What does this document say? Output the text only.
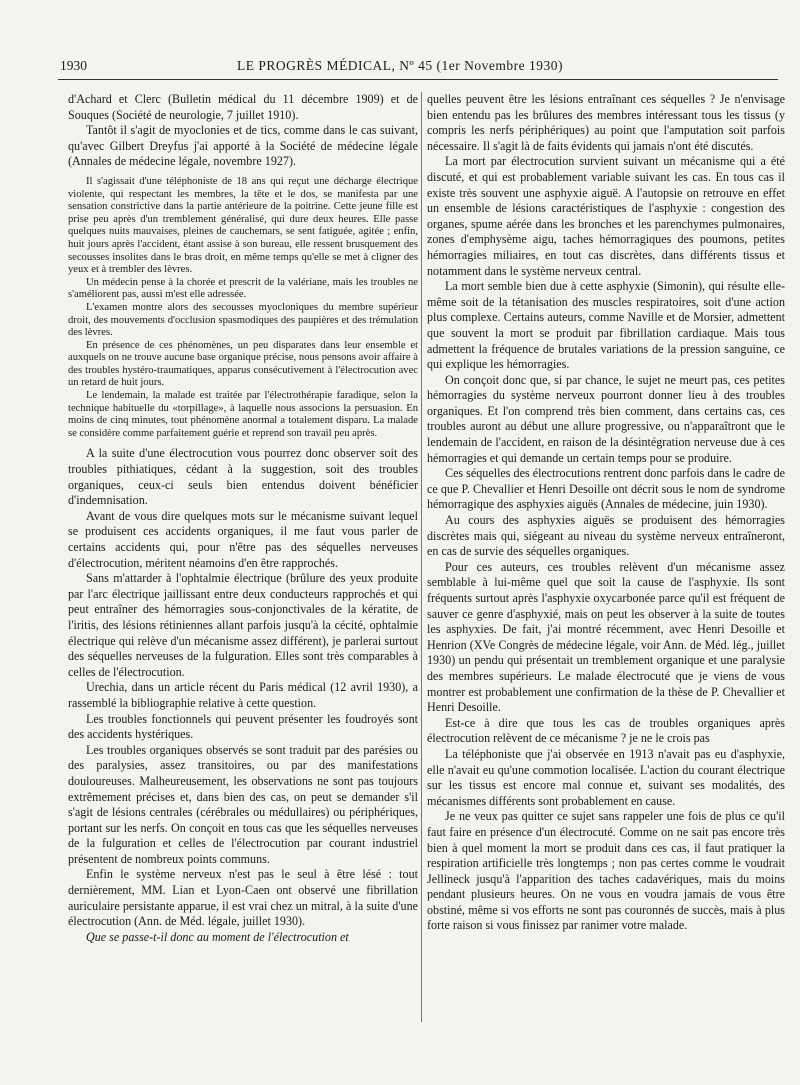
1930	LE PROGRÈS MÉDICAL, Nº 45 (1er Novembre 1930)

d'Achard et Clerc (Bulletin médical du 11 décembre 1909) et de Souques (Société de neurologie, 7 juillet 1910).

Tantôt il s'agit de myoclonies et de tics, comme dans le cas suivant, qu'avec Gilbert Dreyfus j'ai apporté à la Société de médecine légale (Annales de médecine légale, novembre 1927).

Il s'agissait d'une téléphoniste de 18 ans qui reçut une décharge électrique violente, qui respectant les membres, la tête et le dos, se manifesta par une sensation constrictive dans la partie antérieure de la poitrine. Cette jeune fille est prise peu après d'un tremblement généralisé, qui dure deux heures. Elle passe quelques nuits mauvaises, pleines de cauchemars, se sent fatiguée, agitée ; enfin, huit jours après l'accident, étant assise à son bureau, elle ressent brusquement des secousses insolites dans le bras droit, en même temps qu'elle se met à cligner des yeux et à trembler des lèvres.

Un médecin pense à la chorée et prescrit de la valériane, mais les troubles ne s'améliorent pas, aussi m'est elle adressée.

L'examen montre alors des secousses myocloniques du membre supérieur droit, des mouvements d'occlusion spasmodiques des paupières et des trémulation des lèvres.

En présence de ces phénomènes, un peu disparates dans leur ensemble et auxquels on ne trouve aucune base organique précise, nous pensons avoir affaire à des troubles hystéro-traumatiques, apparus consécutivement à l'électrocution avec un retard de huit jours.

Le lendemain, la malade est traitée par l'électrothérapie faradique, selon la technique habituelle du «torpillage», à laquelle nous associons la persuasion. En moins de cinq minutes, tout phénomène anormal a totalement disparu. La malade se considère comme parfaitement guérie et reprend son travail peu après.

A la suite d'une électrocution vous pourrez donc observer soit des troubles pithiatiques, cédant à la suggestion, soit des troubles organiques, ceux-ci seuls bien entendus doivent bénéficier d'indemnisation.

Avant de vous dire quelques mots sur le mécanisme suivant lequel se produisent ces accidents organiques, il me faut vous parler de certains accidents qui, pour n'être pas des séquelles nerveuses d'électrocution, méritent néamoins d'en être rapprochés.

Sans m'attarder à l'ophtalmie électrique (brûlure des yeux produite par l'arc électrique jaillissant entre deux conducteurs rapprochés et qui peut entraîner des hémorragies sous-conjonctivales de la kératite, de l'iritis, des lésions rétiniennes allant parfois jusqu'à la cécité, ophtalmie électrique qui relève d'un mécanisme assez différent), je parlerai surtout des séquelles nerveuses de la fulguration. Elles sont très comparables à celles de l'électrocution.

Urechia, dans un article récent du Paris médical (12 avril 1930), a rassemblé la bibliographie relative à cette question.

Les troubles fonctionnels qui peuvent présenter les foudroyés sont des accidents hystériques.

Les troubles organiques observés se sont traduit par des parésies ou des paralysies, assez transitoires, ou par des manifestations douloureuses. Malheureusement, les observations ne sont pas toujours extrêmement précises et, dans bien des cas, on peut se demander s'il s'agit de lésions centrales (cérébrales ou médullaires) ou périphériques, portant sur les nerfs. On conçoit en tous cas que les séquelles nerveuses de la fulguration et celles de l'électrocution par courant industriel présentent de nombreux points communs.

Enfin le système nerveux n'est pas le seul à être lésé : tout dernièrement, MM. Lian et Lyon-Caen ont observé une fibrillation auriculaire persistante apparue, il est vrai chez un mitral, à la suite d'une électrocution (Ann. de Méd. légale, juillet 1930).

Que se passe-t-il donc au moment de l'électrocution et

quelles peuvent être les lésions entraînant ces séquelles ? Je n'envisage bien entendu pas les brûlures des membres intéressant tous les tissus (y compris les nerfs périphériques) au point que l'amputation soit parfois nécessaire. Il s'agit là de faits évidents qui jamais n'ont été discutés.

La mort par électrocution survient suivant un mécanisme qui a été discuté, et qui est probablement variable suivant les cas. En tous cas il existe très souvent une asphyxie aiguë. A l'autopsie on retrouve en effet un ensemble de lésions caractéristiques de l'asphyxie : congestion des organes, spume aérée dans les bronches et les parenchymes pulmonaires, zones d'emphysème aigu, taches hémorragiques des poumons, petites hémorragies miliaires, en tout cas discrètes, dans différents tissus et notamment dans le système nerveux central.

La mort semble bien due à cette asphyxie (Simonin), qui résulte elle-même soit de la tétanisation des muscles respiratoires, soit d'une action plus complexe. Certains auteurs, comme Naville et de Morsier, admettent que souvent la mort se produit par fibrillation cardiaque. Mais tous admettent la fréquence de brutales variations de la pression sanguine, ce qui explique les hémorragies.

On conçoit donc que, si par chance, le sujet ne meurt pas, ces petites hémorragies du système nerveux pourront donner lieu à des troubles organiques. Et l'on comprend très bien comment, dans certains cas, ces troubles auront au début une allure progressive, ou n'apparaîtront que le lendemain de l'accident, en raison de la désintégration nerveuse due à ces hémorragies et qui demande un certain temps pour se produire.

Ces séquelles des électrocutions rentrent donc parfois dans le cadre de ce que P. Chevallier et Henri Desoille ont décrit sous le nom de syndrome hémorragique des asphyxies aiguës (Annales de médecine, juin 1930).

Au cours des asphyxies aiguës se produisent des hémorragies discrètes mais qui, siégeant au niveau du système nerveux entraîneront, en cas de survie des séquelles organiques.

Pour ces auteurs, ces troubles relèvent d'un mécanisme assez semblable à lui-même quel que soit la cause de l'asphyxie. Ils sont fréquents surtout après l'asphyxie oxycarbonée parce qu'il est fréquent de sauver ce genre d'asphyxié, mais on peut les observer à la suite de toutes les asphyxies. De fait, j'ai montré récemment, avec Henri Desoille et Henrion (XVe Congrès de médecine légale, voir Ann. de Méd. lég., juillet 1930) un pendu qui présentait un tremblement organique et une paralysie des membres supérieurs. Le malade électrocuté que je viens de vous montrer est probablement une confirmation de la thèse de P. Chevallier et Henri Desoille.

Est-ce à dire que tous les cas de troubles organiques après électrocution relèvent de ce mécanisme ? je ne le crois pas

La téléphoniste que j'ai observée en 1913 n'avait pas eu d'asphyxie, elle n'avait eu qu'une commotion localisée. L'action du courant électrique sur les tissus est encore mal connue et, suivant ses modalités, des mécanismes différents sont probablement en cause.

Je ne veux pas quitter ce sujet sans rappeler une fois de plus ce qu'il faut faire en présence d'un électrocuté. Comme on ne sait pas encore très bien à quel moment la mort se produit dans ces cas, il faut pratiquer la respiration artificielle très longtemps ; non pas certes comme le voudrait Jellineck jusqu'à l'apparition des taches cadavériques, mais du moins pendant plusieurs heures. On ne vous en voudra jamais de vous être obstiné, même si vos efforts ne sont pas couronnés de succès, mais à plus forte raison si vous finissez par ranimer votre malade.
